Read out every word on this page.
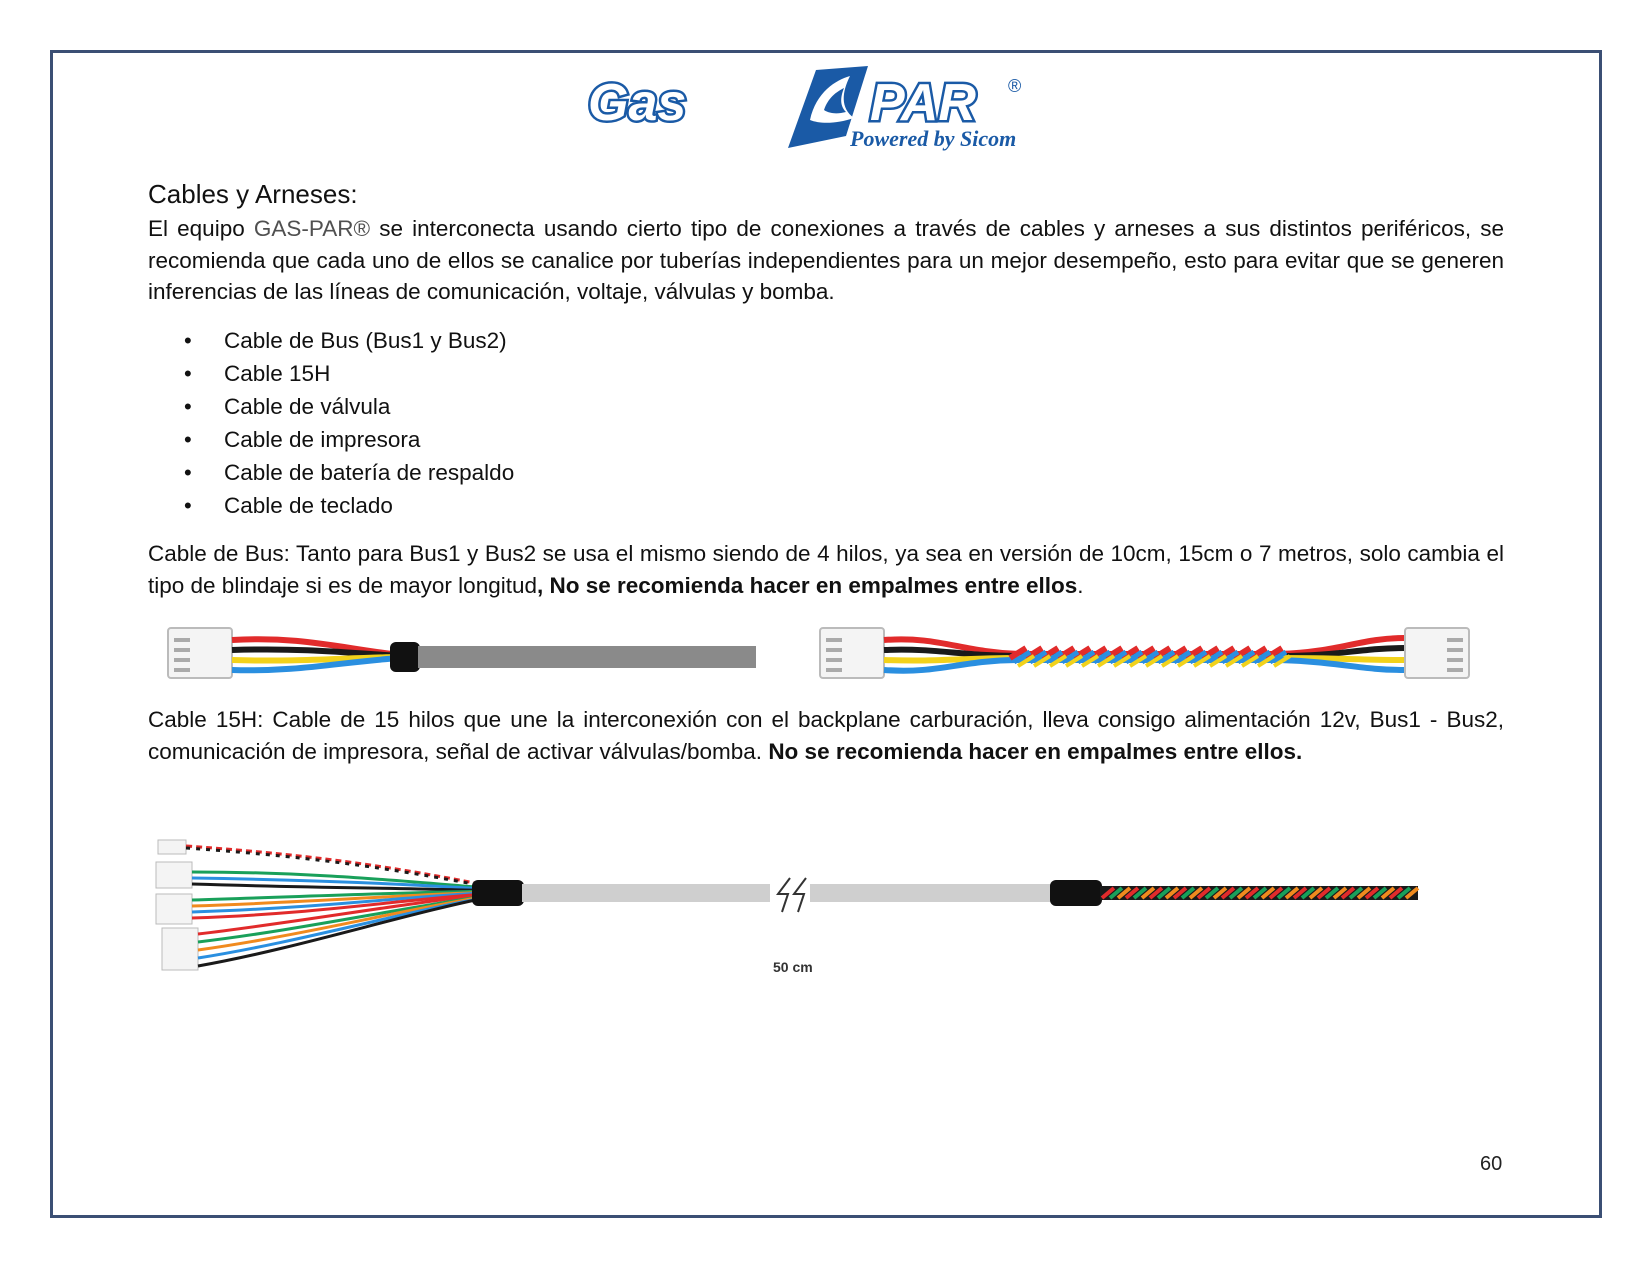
Gas	PAR ®
Powered by Sicom
Cables y Arneses:
El equipo GAS-PAR® se interconecta usando cierto tipo de conexiones a través de cables y arneses a sus distintos periféricos, se recomienda que cada uno de ellos se canalice por tuberías independientes para un mejor desempeño, esto para evitar que se generen inferencias de las líneas de comunicación, voltaje, válvulas y bomba.
• Cable de Bus (Bus1 y Bus2)
• Cable 15H
• Cable de válvula
• Cable de impresora
• Cable de batería de respaldo
• Cable de teclado
Cable de Bus: Tanto para Bus1 y Bus2 se usa el mismo siendo de 4 hilos, ya sea en versión de 10cm, 15cm o 7 metros, solo cambia el tipo de blindaje si es de mayor longitud, No se recomienda hacer en empalmes entre ellos.
Cable 15H: Cable de 15 hilos que une la interconexión con el backplane carburación, lleva consigo alimentación 12v, Bus1 - Bus2, comunicación de impresora, señal de activar válvulas/bomba. No se recomienda hacer en empalmes entre ellos.
50 cm
60
